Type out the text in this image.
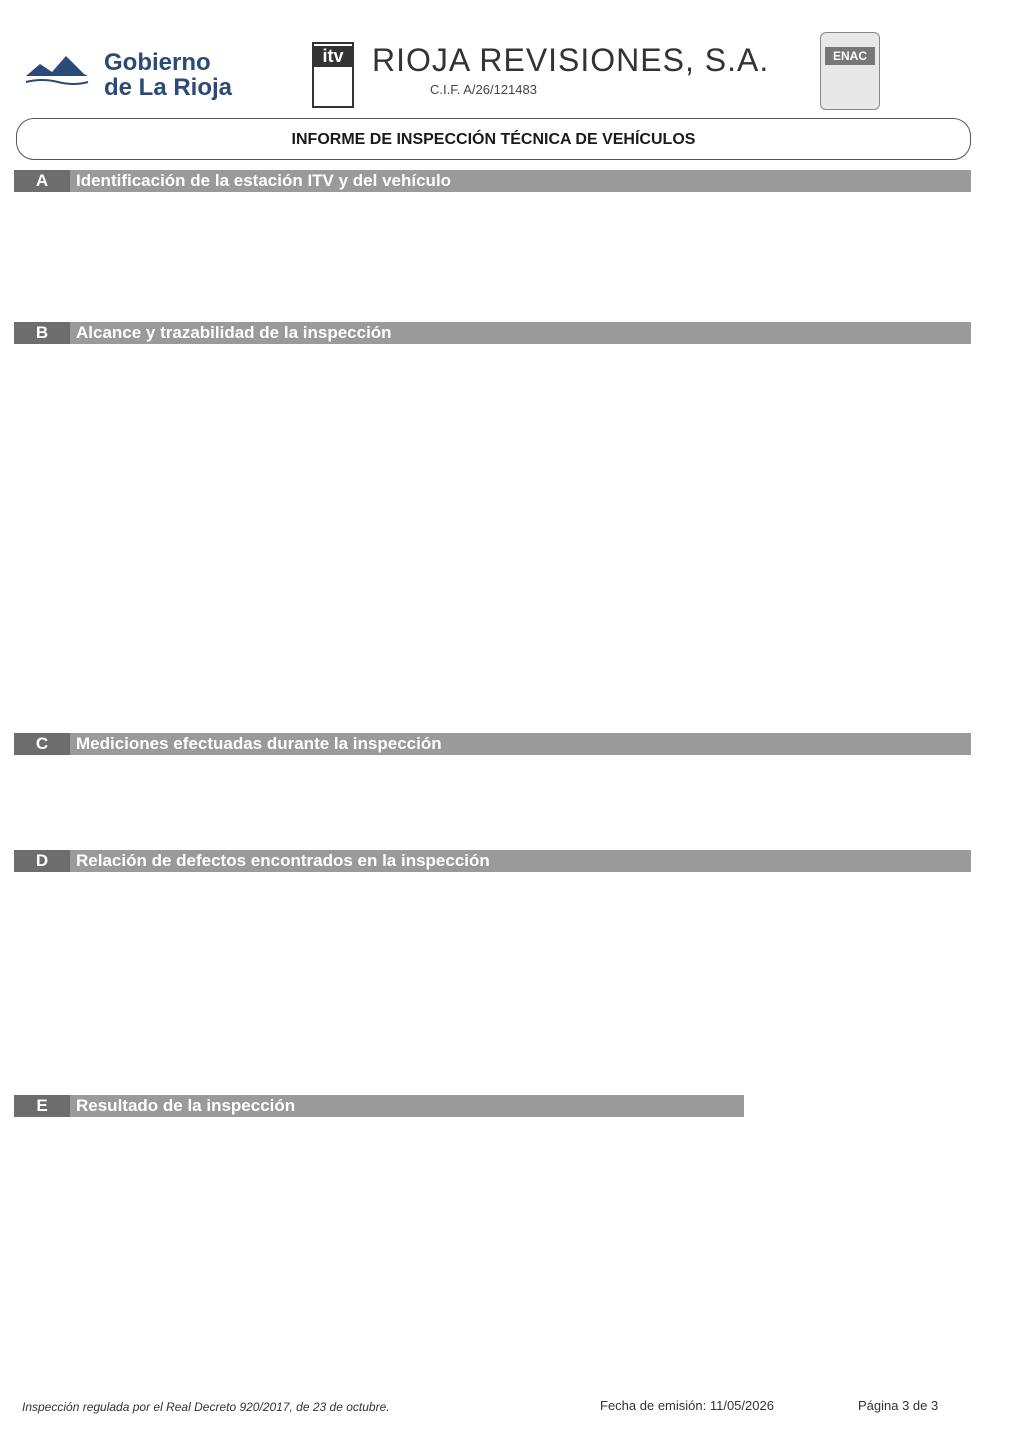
Gobierno
de La Rioja
itv RIOJA REVISIONES, S.A.
C.I.F. A/26/121483
ENAC
INFORME DE INSPECCIÓN TÉCNICA DE VEHÍCULOS
A	Identificación de la estación ITV y del vehículo
B	Alcance y trazabilidad de la inspección
C	Mediciones efectuadas durante la inspección
D	Relación de defectos encontrados en la inspección
E	Resultado de la inspección
Inspección regulada por el Real Decreto 920/2017, de 23 de octubre.	Fecha de emisión: 11/05/2026	Página 3 de 3
